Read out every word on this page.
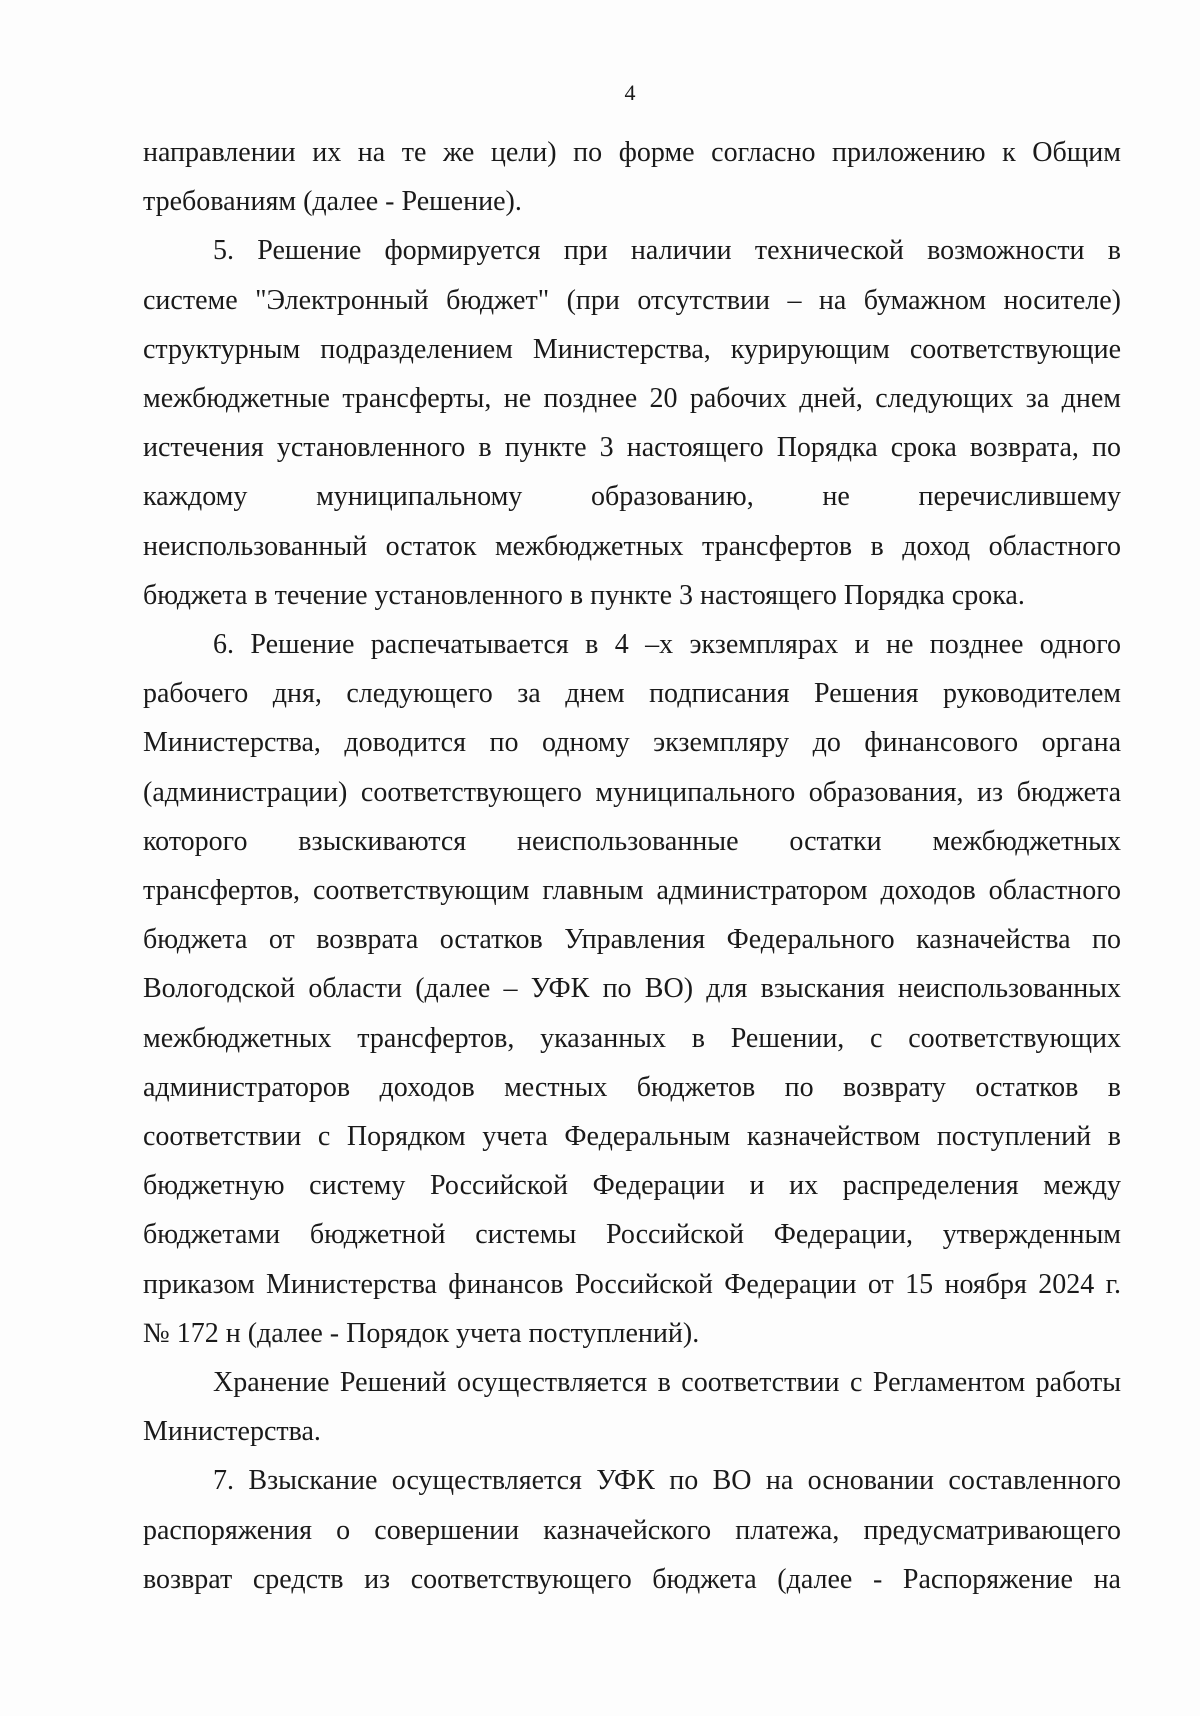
4

направлении их на те же цели) по форме согласно приложению к Общим
требованиям (далее - Решение).

5. Решение формируется при наличии технической возможности в
системе "Электронный бюджет" (при отсутствии – на бумажном носителе)
структурным подразделением Министерства, курирующим соответствующие
межбюджетные трансферты, не позднее 20 рабочих дней, следующих за днем
истечения установленного в пункте 3 настоящего Порядка срока возврата, по
каждому муниципальному образованию, не перечислившему
неиспользованный остаток межбюджетных трансфертов в доход областного
бюджета в течение установленного в пункте 3 настоящего Порядка срока.

6. Решение распечатывается в 4 –х экземплярах и не позднее одного
рабочего дня, следующего за днем подписания Решения руководителем
Министерства, доводится по одному экземпляру до финансового органа
(администрации) соответствующего муниципального образования, из бюджета
которого взыскиваются неиспользованные остатки межбюджетных
трансфертов, соответствующим главным администратором доходов областного
бюджета от возврата остатков Управления Федерального казначейства по
Вологодской области (далее – УФК по ВО) для взыскания неиспользованных
межбюджетных трансфертов, указанных в Решении, с соответствующих
администраторов доходов местных бюджетов по возврату остатков в
соответствии с Порядком учета Федеральным казначейством поступлений в
бюджетную систему Российской Федерации и их распределения между
бюджетами бюджетной системы Российской Федерации, утвержденным
приказом Министерства финансов Российской Федерации от 15 ноября 2024 г.
№ 172 н (далее - Порядок учета поступлений).

Хранение Решений осуществляется в соответствии с Регламентом работы
Министерства.

7. Взыскание осуществляется УФК по ВО на основании составленного
распоряжения о совершении казначейского платежа, предусматривающего
возврат средств из соответствующего бюджета (далее - Распоряжение на
